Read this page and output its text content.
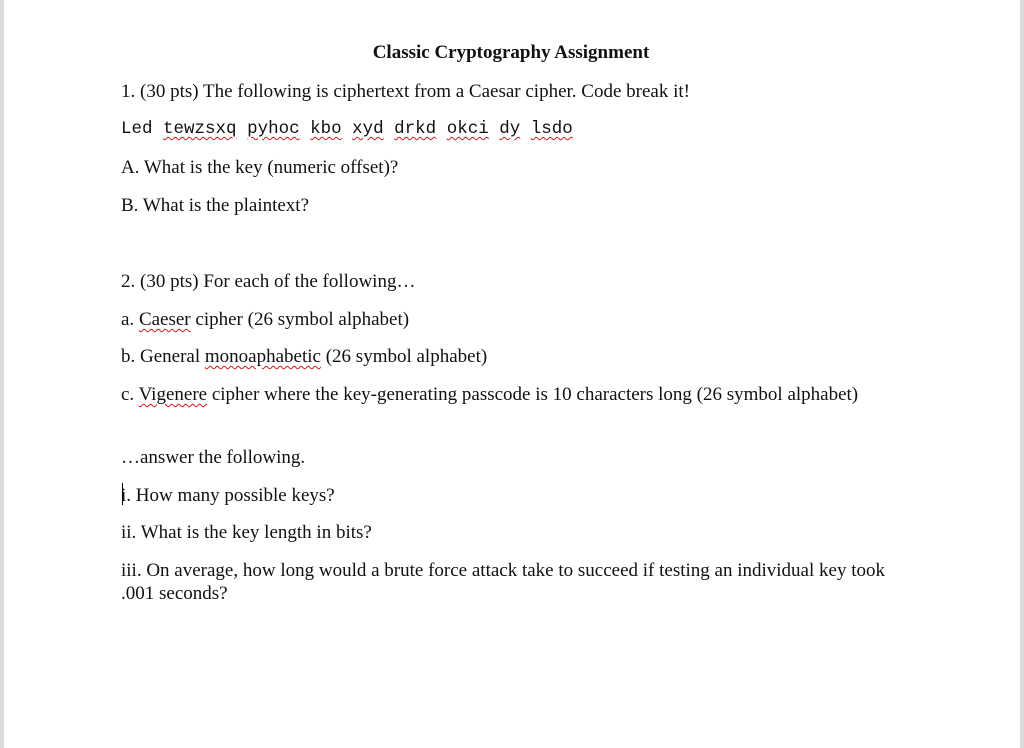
Classic Cryptography Assignment

1. (30 pts) The following is ciphertext from a Caesar cipher. Code break it!

Led tewzsxq pyhoc kbo xyd drkd okci dy lsdo

A. What is the key (numeric offset)?

B. What is the plaintext?

2. (30 pts) For each of the following…

a. Caeser cipher (26 symbol alphabet)

b. General monoaphabetic (26 symbol alphabet)

c. Vigenere cipher where the key-generating passcode is 10 characters long (26 symbol alphabet)

…answer the following.

i. How many possible keys?

ii. What is the key length in bits?

iii. On average, how long would a brute force attack take to succeed if testing an individual key took .001 seconds?
